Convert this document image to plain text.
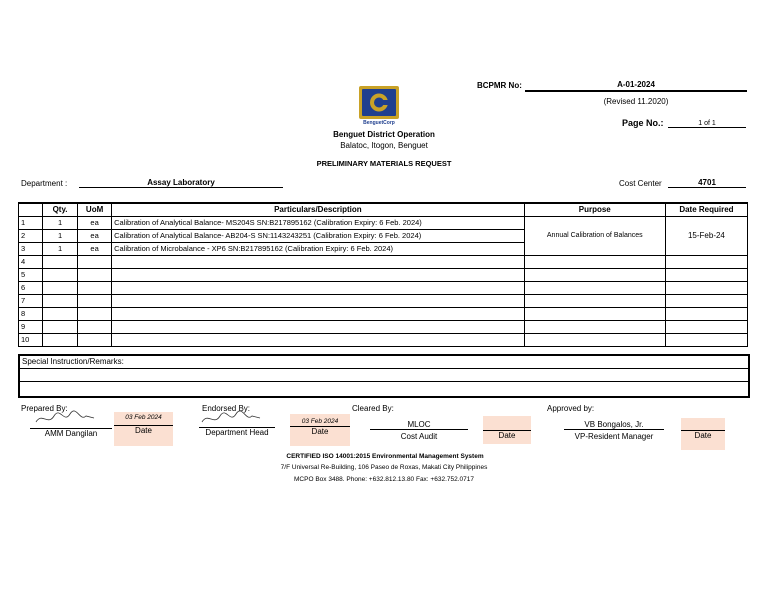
BCPMR No:	A-01-2024
(Revised 11.2020)
Page No.:	1 of 1
BenguetCorp
Benguet District Operation
Balatoc, Itogon, Benguet
PRELIMINARY MATERIALS REQUEST
Department :	Assay Laboratory	Cost Center	4701
	Qty.	UoM	Particulars/Description	Purpose	Date Required
1	1	ea	Calibration of Analytical Balance- MS204S SN:B217895162 (Calibration Expiry: 6 Feb. 2024)	Annual Calibration of Balances	15-Feb-24
2	1	ea	Calibration of Analytical Balance- AB204-S SN:1143243251 (Calibration Expiry: 6 Feb. 2024)		
3	1	ea	Calibration of Microbalance - XP6 SN:B217895162 (Calibration Expiry: 6 Feb. 2024)		
4					
5					
6					
7					
8					
9					
10					
Special Instruction/Remarks:
Prepared By:
AMM Dangilan
03 Feb 2024
Date
Endorsed By:
Department Head
03 Feb 2024
Date
Cleared By:
MLOC
Cost Audit	Date
Approved by:
VB Bongalos, Jr.
VP-Resident Manager	Date
CERTIFIED ISO 14001:2015 Environmental Management System
7/F Universal Re-Building, 106 Paseo de Roxas, Makati City Philippines
MCPO Box 3488. Phone: +632.812.13.80 Fax: +632.752.0717
